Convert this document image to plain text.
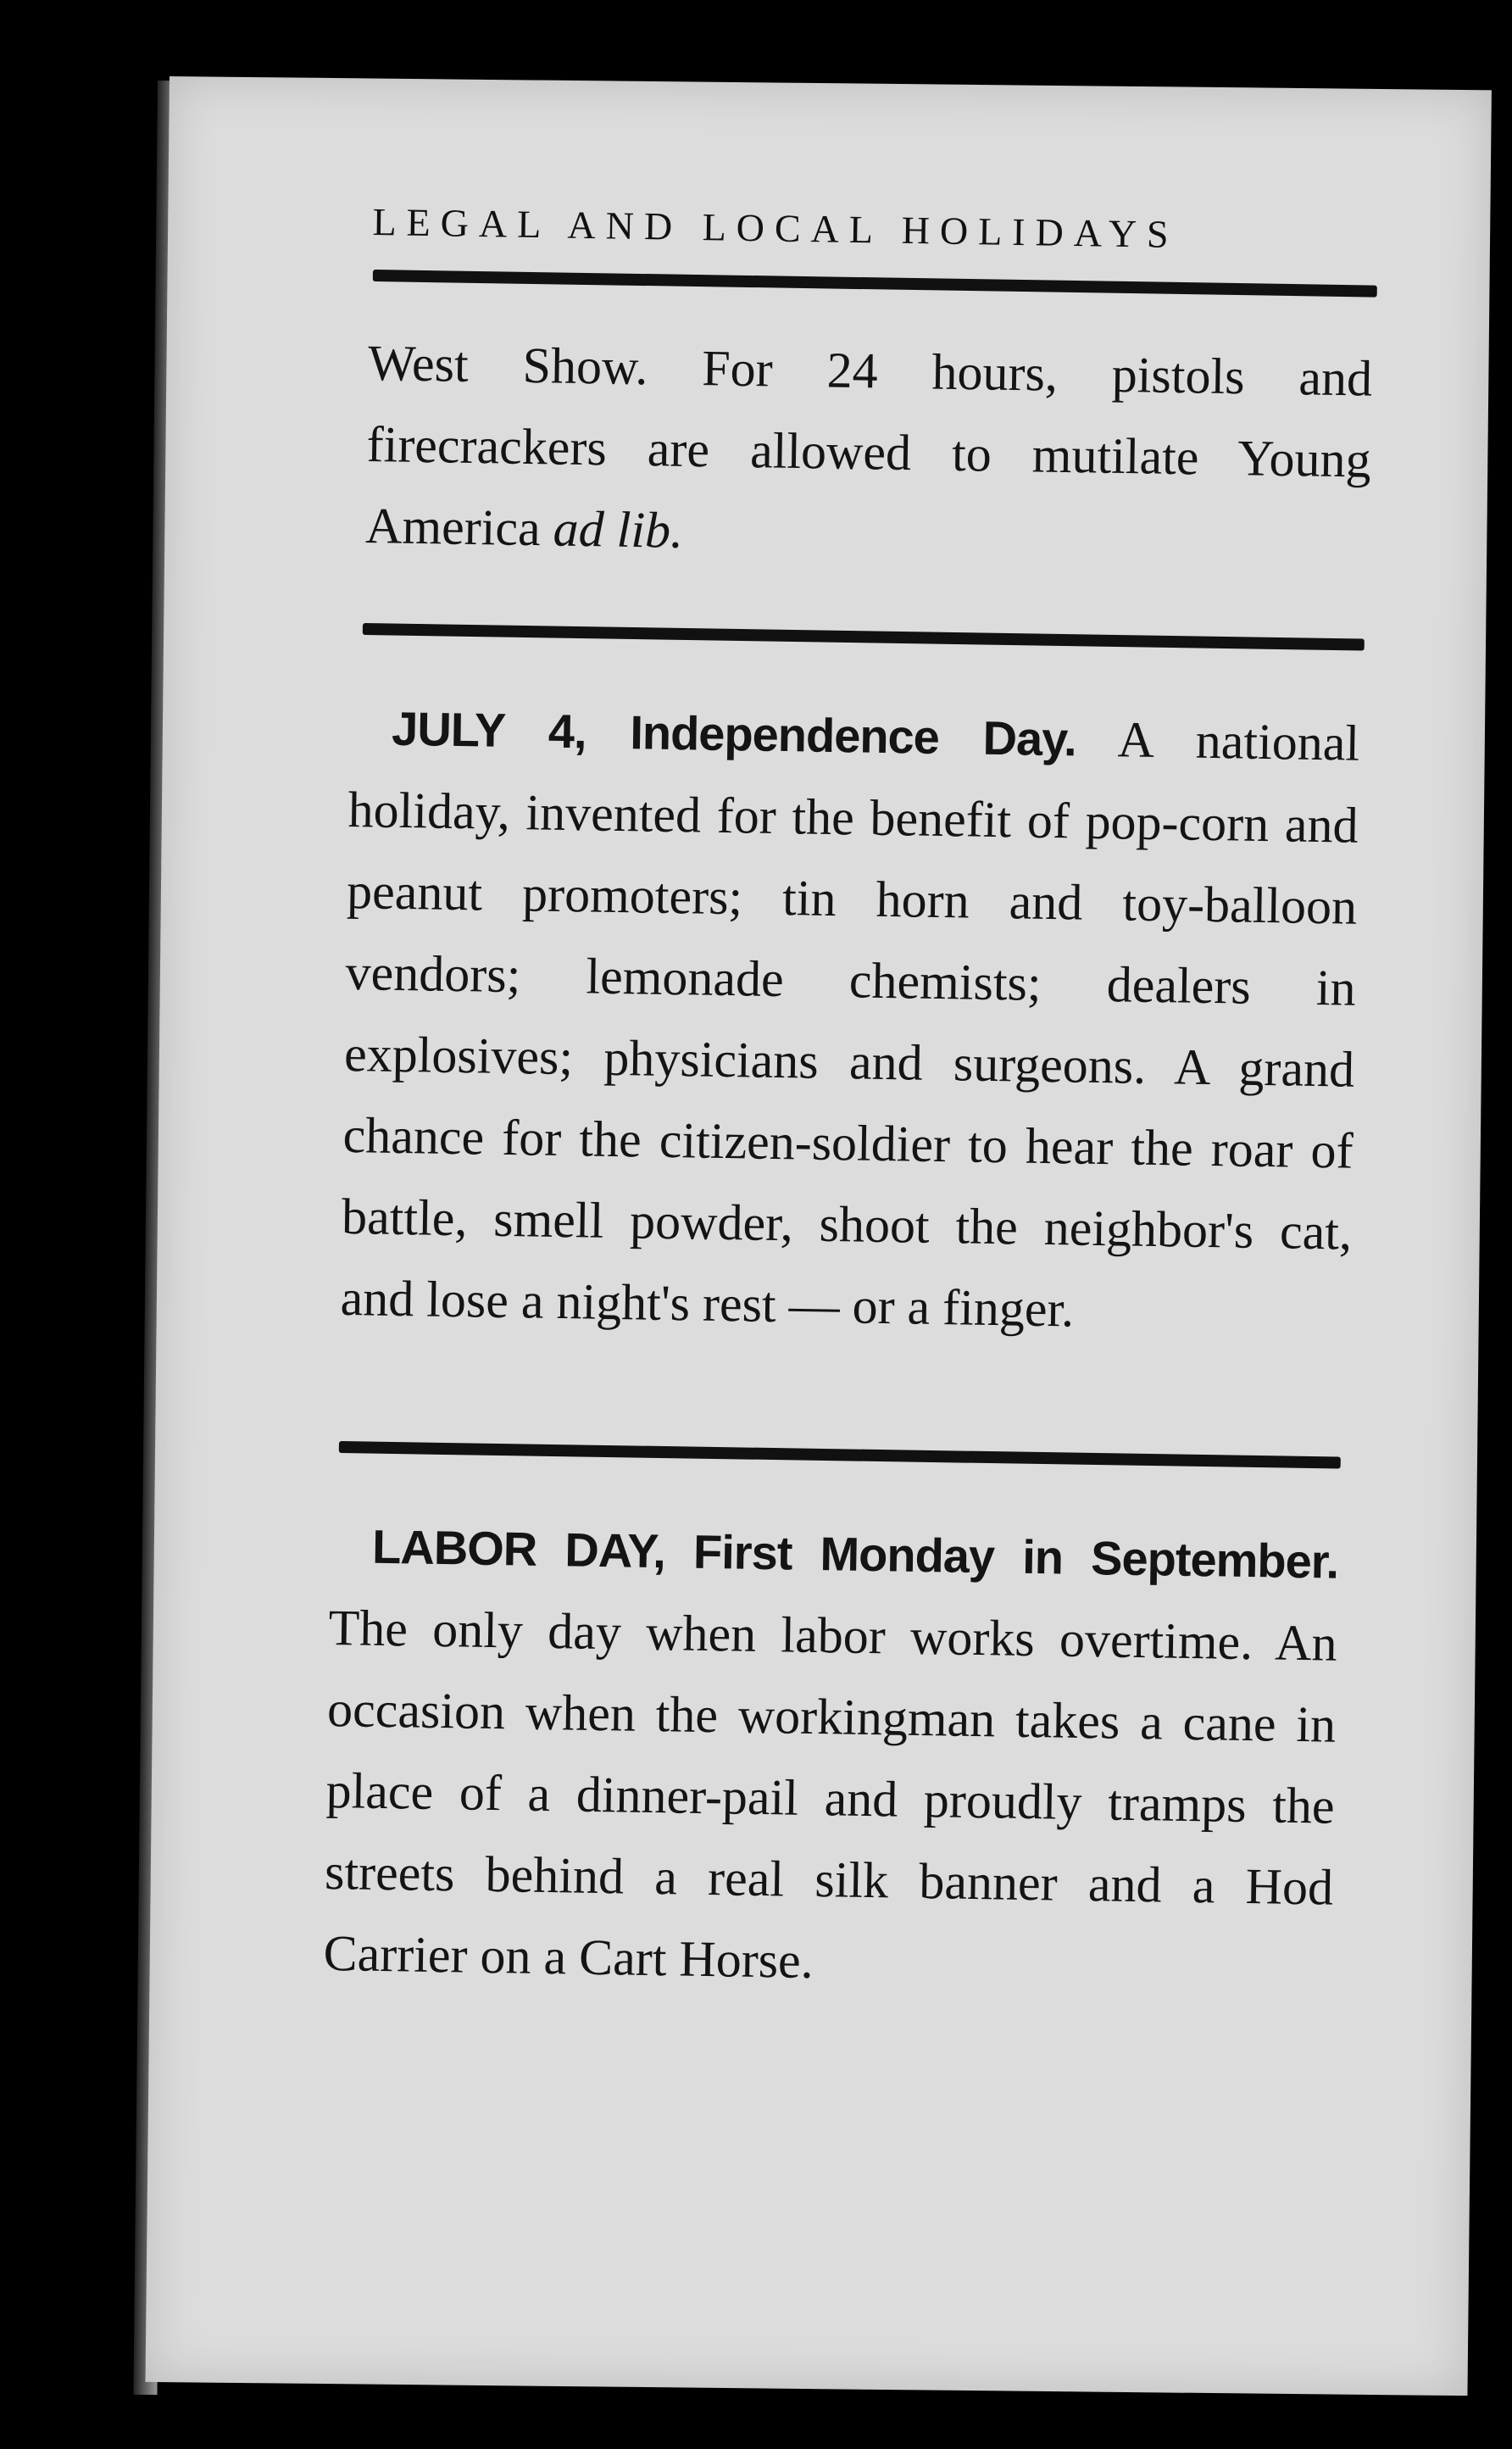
LEGAL AND LOCAL HOLIDAYS

West Show. For 24 hours, pistols and firecrackers are allowed to mutilate Young America ad lib.

JULY 4, Independence Day. A national holiday, invented for the benefit of pop-corn and peanut promoters; tin horn and toy-balloon vendors; lemonade chemists; dealers in explosives; physicians and surgeons. A grand chance for the citizen-soldier to hear the roar of battle, smell powder, shoot the neighbor's cat, and lose a night's rest — or a finger.

LABOR DAY, First Monday in September. The only day when labor works overtime. An occasion when the workingman takes a cane in place of a dinner-pail and proudly tramps the streets behind a real silk banner and a Hod Carrier on a Cart Horse.
